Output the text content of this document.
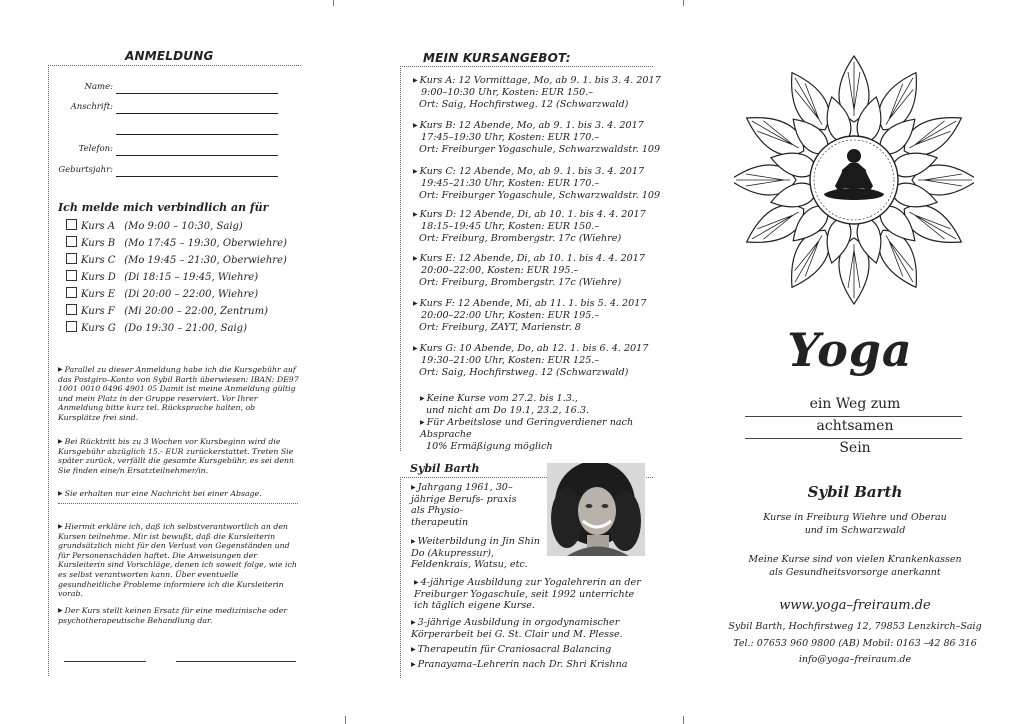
ANMELDUNG
Name:
Anschrift:
Telefon:
Geburtsjahr:
Ich melde mich verbindlich an für
Kurs A (Mo 9:00 – 10:30, Saig)
Kurs B (Mo 17:45 – 19:30, Oberwiehre)
Kurs C (Mo 19:45 – 21:30, Oberwiehre)
Kurs D (Di 18:15 – 19:45, Wiehre)
Kurs E (Di 20:00 – 22:00, Wiehre)
Kurs F (Mi 20:00 – 22:00, Zentrum)
Kurs G (Do 19:30 – 21:00, Saig)
▶ Parallel zu dieser Anmeldung habe ich die Kursgebühr auf das Postgiro–Konto von Sybil Barth überwiesen: IBAN: DE97 1001 0010 0496 4901 05 Damit ist meine Anmeldung gültig und mein Platz in der Gruppe reserviert. Vor Ihrer Anmeldung bitte kurz tel. Rücksprache halten, ob Kursplätze frei sind.
▶ Bei Rücktritt bis zu 3 Wochen vor Kursbeginn wird die Kursgebühr abzüglich 15.- EUR zurückerstattet. Treten Sie später zurück, verfällt die gesamte Kursgebühr, es sei denn Sie finden eine/n Ersatzteilnehmer/in.
▶ Sie erhalten nur eine Nachricht bei einer Absage.
▶ Hiermit erkläre ich, daß ich selbstverantwortlich an den Kursen teilnehme. Mir ist bewußt, daß die Kursleiterin grundsätzlich nicht für den Verlust von Gegenständen und für Personenschäden haftet. Die Anweisungen der Kursleiterin sind Vorschläge, denen ich soweit folge, wie ich es selbst verantworten kann. Über eventuelle gesundheitliche Probleme informiere ich die Kursleiterin vorab.
▶ Der Kurs stellt keinen Ersatz für eine medizinische oder psychotherapeutische Behandlung dar.
MEIN KURSANGEBOT:
▶ Kurs A: 12 Vormittage, Mo, ab 9. 1. bis 3. 4. 2017
9:00–10:30 Uhr, Kosten: EUR 150.–
Ort: Saig, Hochfirstweg. 12 (Schwarzwald)
▶ Kurs B: 12 Abende, Mo, ab 9. 1. bis 3. 4. 2017
17:45–19:30 Uhr, Kosten: EUR 170.–
Ort: Freiburger Yogaschule, Schwarzwaldstr. 109
▶ Kurs C: 12 Abende, Mo, ab 9. 1. bis 3. 4. 2017
19:45–21:30 Uhr, Kosten: EUR 170.–
Ort: Freiburger Yogaschule, Schwarzwaldstr. 109
▶ Kurs D: 12 Abende, Di, ab 10. 1. bis 4. 4. 2017
18:15–19:45 Uhr, Kosten: EUR 150.–
Ort: Freiburg, Brombergstr. 17c (Wiehre)
▶ Kurs E: 12 Abende, Di, ab 10. 1. bis 4. 4. 2017
20:00–22:00, Kosten: EUR 195.–
Ort: Freiburg, Brombergstr. 17c (Wiehre)
▶ Kurs F: 12 Abende, Mi, ab 11. 1. bis 5. 4. 2017
20:00–22:00 Uhr, Kosten: EUR 195.–
Ort: Freiburg, ZAYT, Marienstr. 8
▶ Kurs G: 10 Abende, Do, ab 12. 1. bis 6. 4. 2017
19:30–21:00 Uhr, Kosten: EUR 125.–
Ort: Saig, Hochfirstweg. 12 (Schwarzwald)
▶ Keine Kurse vom 27.2. bis 1.3.,
und nicht am Do 19.1, 23.2, 16.3.
▶ Für Arbeitslose und Geringverdiener nach Absprache
10% Ermäßigung möglich
Sybil Barth
▶ Jahrgang 1961, 30–jährige Berufs- praxis als Physio- therapeutin
▶ Weiterbildung in Jin Shin Do (Akupressur), Feldenkrais, Watsu, etc.
▶ 4-jährige Ausbildung zur Yogalehrerin an der Freiburger Yogaschule, seit 1992 unterrichte ich täglich eigene Kurse.
▶ 3-jährige Ausbildung in orgodynamischer Körperarbeit bei G. St. Clair und M. Plesse.
▶ Therapeutin für Craniosacral Balancing
▶ Pranayama–Lehrerin nach Dr. Shri Krishna
Yoga
ein Weg zum
achtsamen
Sein
Sybil Barth
Kurse in Freiburg Wiehre und Oberau
und im Schwarzwald
Meine Kurse sind von vielen Krankenkassen
als Gesundheitsvorsorge anerkannt
www.yoga–freiraum.de
Sybil Barth, Hochfirstweg 12, 79853 Lenzkirch–Saig
Tel.: 07653 960 9800 (AB) Mobil: 0163 –42 86 316
info@yoga–freiraum.de
